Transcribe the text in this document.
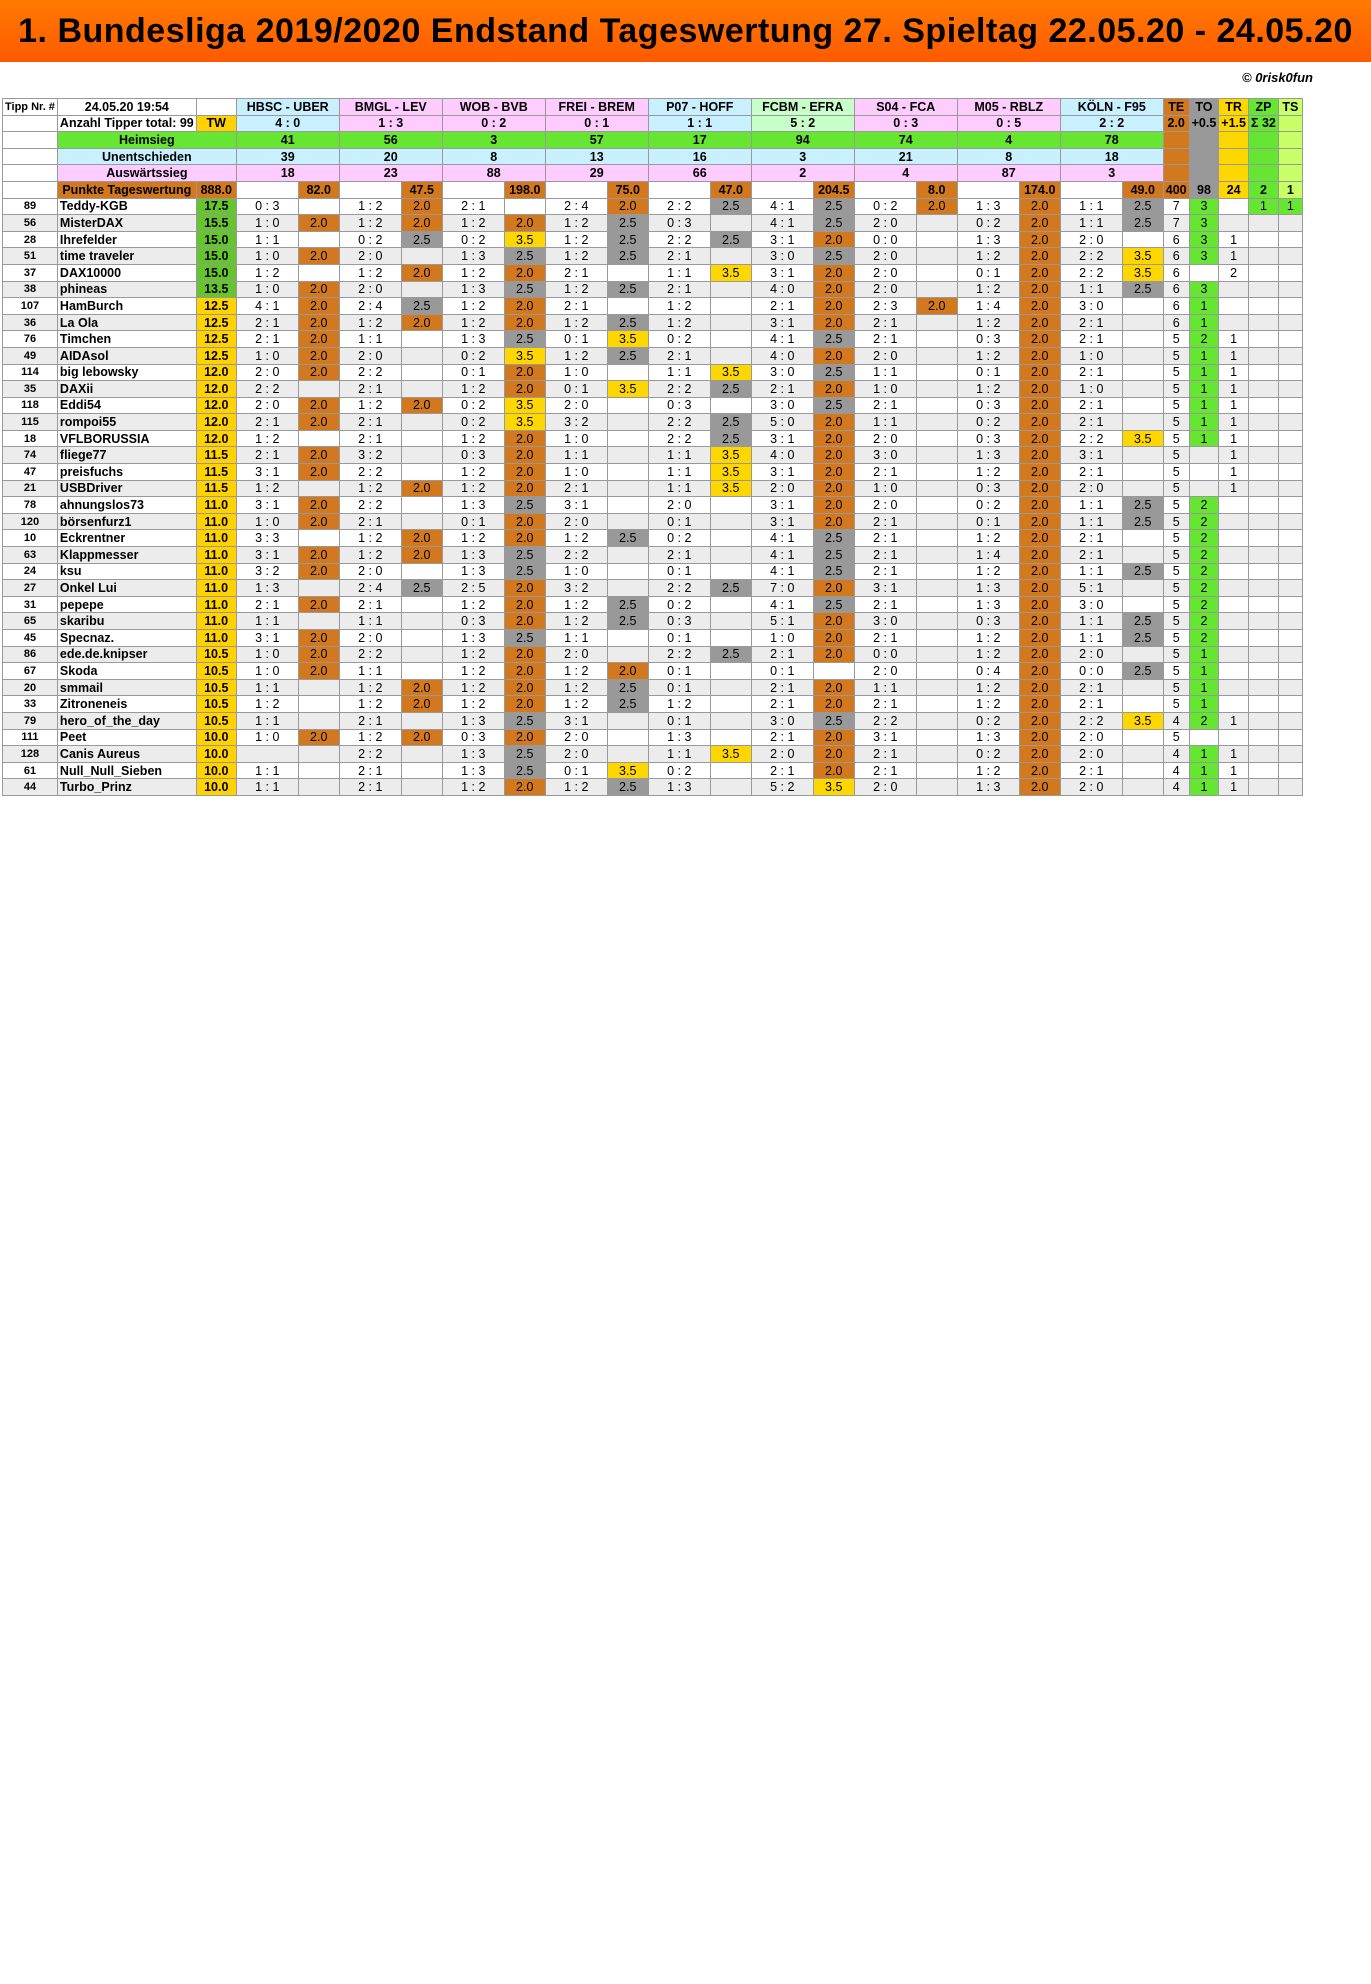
1. Bundesliga 2019/2020 Endstand Tageswertung 27. Spieltag 22.05.20 - 24.05.20
© 0risk0fun
Tipp Nr. #	24.05.20 19:54		HBSC - UBER		BMGL - LEV		WOB - BVB		FREI - BREM		P07 - HOFF		FCBM - EFRA		S04 - FCA		M05 - RBLZ		KÖLN - F95		TE	TO	TR	ZP	TS
	Anzahl Tipper total: 99	TW	4 : 0		1 : 3		0 : 2		0 : 1		1 : 1		5 : 2		0 : 3		0 : 5		2 : 2		2.0	+0.5	+1.5	Σ 32	
	Heimsieg		41		56		3		57		17		94		74		4		78						
	Unentschieden		39		20		8		13		16		3		21		8		18						
	Auswärtssieg		18		23		88		29		66		2		4		87		3						
	Punkte Tageswertung	888.0		82.0		47.5		198.0		75.0		47.0		204.5		8.0		174.0		49.0	400	98	24	2	1
89	Teddy-KGB	17.5	0 : 3		1 : 2	2.0	2 : 1		2 : 4	2.0	2 : 2	2.5	4 : 1	2.5	0 : 2	2.0	1 : 3	2.0	1 : 1	2.5	7	3		1	1
56	MisterDAX	15.5	1 : 0	2.0	1 : 2	2.0	1 : 2	2.0	1 : 2	2.5	0 : 3		4 : 1	2.5	2 : 0		0 : 2	2.0	1 : 1	2.5	7	3			
28	Ihrefelder	15.0	1 : 1		0 : 2	2.5	0 : 2	3.5	1 : 2	2.5	2 : 2	2.5	3 : 1	2.0	0 : 0		1 : 3	2.0	2 : 0		6	3	1		
51	time traveler	15.0	1 : 0	2.0	2 : 0		1 : 3	2.5	1 : 2	2.5	2 : 1		3 : 0	2.5	2 : 0		1 : 2	2.0	2 : 2	3.5	6	3	1		
37	DAX10000	15.0	1 : 2		1 : 2	2.0	1 : 2	2.0	2 : 1		1 : 1	3.5	3 : 1	2.0	2 : 0		0 : 1	2.0	2 : 2	3.5	6		2		
38	phineas	13.5	1 : 0	2.0	2 : 0		1 : 3	2.5	1 : 2	2.5	2 : 1		4 : 0	2.0	2 : 0		1 : 2	2.0	1 : 1	2.5	6	3			
107	HamBurch	12.5	4 : 1	2.0	2 : 4	2.5	1 : 2	2.0	2 : 1		1 : 2		2 : 1	2.0	2 : 3	2.0	1 : 4	2.0	3 : 0		6	1			
36	La Ola	12.5	2 : 1	2.0	1 : 2	2.0	1 : 2	2.0	1 : 2	2.5	1 : 2		3 : 1	2.0	2 : 1		1 : 2	2.0	2 : 1		6	1			
76	Timchen	12.5	2 : 1	2.0	1 : 1		1 : 3	2.5	0 : 1	3.5	0 : 2		4 : 1	2.5	2 : 1		0 : 3	2.0	2 : 1		5	2	1		
49	AIDAsol	12.5	1 : 0	2.0	2 : 0		0 : 2	3.5	1 : 2	2.5	2 : 1		4 : 0	2.0	2 : 0		1 : 2	2.0	1 : 0		5	1	1		
114	big lebowsky	12.0	2 : 0	2.0	2 : 2		0 : 1	2.0	1 : 0		1 : 1	3.5	3 : 0	2.5	1 : 1		0 : 1	2.0	2 : 1		5	1	1		
35	DAXii	12.0	2 : 2		2 : 1		1 : 2	2.0	0 : 1	3.5	2 : 2	2.5	2 : 1	2.0	1 : 0		1 : 2	2.0	1 : 0		5	1	1		
118	Eddi54	12.0	2 : 0	2.0	1 : 2	2.0	0 : 2	3.5	2 : 0		0 : 3		3 : 0	2.5	2 : 1		0 : 3	2.0	2 : 1		5	1	1		
115	rompoi55	12.0	2 : 1	2.0	2 : 1		0 : 2	3.5	3 : 2		2 : 2	2.5	5 : 0	2.0	1 : 1		0 : 2	2.0	2 : 1		5	1	1		
18	VFLBORUSSIA	12.0	1 : 2		2 : 1		1 : 2	2.0	1 : 0		2 : 2	2.5	3 : 1	2.0	2 : 0		0 : 3	2.0	2 : 2	3.5	5	1	1		
74	fliege77	11.5	2 : 1	2.0	3 : 2		0 : 3	2.0	1 : 1		1 : 1	3.5	4 : 0	2.0	3 : 0		1 : 3	2.0	3 : 1		5		1		
47	preisfuchs	11.5	3 : 1	2.0	2 : 2		1 : 2	2.0	1 : 0		1 : 1	3.5	3 : 1	2.0	2 : 1		1 : 2	2.0	2 : 1		5		1		
21	USBDriver	11.5	1 : 2		1 : 2	2.0	1 : 2	2.0	2 : 1		1 : 1	3.5	2 : 0	2.0	1 : 0		0 : 3	2.0	2 : 0		5		1		
78	ahnungslos73	11.0	3 : 1	2.0	2 : 2		1 : 3	2.5	3 : 1		2 : 0		3 : 1	2.0	2 : 0		0 : 2	2.0	1 : 1	2.5	5	2			
120	börsenfurz1	11.0	1 : 0	2.0	2 : 1		0 : 1	2.0	2 : 0		0 : 1		3 : 1	2.0	2 : 1		0 : 1	2.0	1 : 1	2.5	5	2			
10	Eckrentner	11.0	3 : 3		1 : 2	2.0	1 : 2	2.0	1 : 2	2.5	0 : 2		4 : 1	2.5	2 : 1		1 : 2	2.0	2 : 1		5	2			
63	Klappmesser	11.0	3 : 1	2.0	1 : 2	2.0	1 : 3	2.5	2 : 2		2 : 1		4 : 1	2.5	2 : 1		1 : 4	2.0	2 : 1		5	2			
24	ksu	11.0	3 : 2	2.0	2 : 0		1 : 3	2.5	1 : 0		0 : 1		4 : 1	2.5	2 : 1		1 : 2	2.0	1 : 1	2.5	5	2			
27	Onkel Lui	11.0	1 : 3		2 : 4	2.5	2 : 5	2.0	3 : 2		2 : 2	2.5	7 : 0	2.0	3 : 1		1 : 3	2.0	5 : 1		5	2			
31	pepepe	11.0	2 : 1	2.0	2 : 1		1 : 2	2.0	1 : 2	2.5	0 : 2		4 : 1	2.5	2 : 1		1 : 3	2.0	3 : 0		5	2			
65	skaribu	11.0	1 : 1		1 : 1		0 : 3	2.0	1 : 2	2.5	0 : 3		5 : 1	2.0	3 : 0		0 : 3	2.0	1 : 1	2.5	5	2			
45	Specnaz.	11.0	3 : 1	2.0	2 : 0		1 : 3	2.5	1 : 1		0 : 1		1 : 0	2.0	2 : 1		1 : 2	2.0	1 : 1	2.5	5	2			
86	ede.de.knipser	10.5	1 : 0	2.0	2 : 2		1 : 2	2.0	2 : 0		2 : 2	2.5	2 : 1	2.0	0 : 0		1 : 2	2.0	2 : 0		5	1			
67	Skoda	10.5	1 : 0	2.0	1 : 1		1 : 2	2.0	1 : 2	2.0	0 : 1		0 : 1		2 : 0		0 : 4	2.0	0 : 0	2.5	5	1			
20	smmail	10.5	1 : 1		1 : 2	2.0	1 : 2	2.0	1 : 2	2.5	0 : 1		2 : 1	2.0	1 : 1		1 : 2	2.0	2 : 1		5	1			
33	Zitroneneis	10.5	1 : 2		1 : 2	2.0	1 : 2	2.0	1 : 2	2.5	1 : 2		2 : 1	2.0	2 : 1		1 : 2	2.0	2 : 1		5	1			
79	hero_of_the_day	10.5	1 : 1		2 : 1		1 : 3	2.5	3 : 1		0 : 1		3 : 0	2.5	2 : 2		0 : 2	2.0	2 : 2	3.5	4	2	1		
111	Peet	10.0	1 : 0	2.0	1 : 2	2.0	0 : 3	2.0	2 : 0		1 : 3		2 : 1	2.0	3 : 1		1 : 3	2.0	2 : 0		5				
128	Canis Aureus	10.0			2 : 2		1 : 3	2.5	2 : 0		1 : 1	3.5	2 : 0	2.0	2 : 1		0 : 2	2.0	2 : 0		4	1	1		
61	Null_Null_Sieben	10.0	1 : 1		2 : 1		1 : 3	2.5	0 : 1	3.5	0 : 2		2 : 1	2.0	2 : 1		1 : 2	2.0	2 : 1		4	1	1		
44	Turbo_Prinz	10.0	1 : 1		2 : 1		1 : 2	2.0	1 : 2	2.5	1 : 3		5 : 2	3.5	2 : 0		1 : 3	2.0	2 : 0		4	1	1		
